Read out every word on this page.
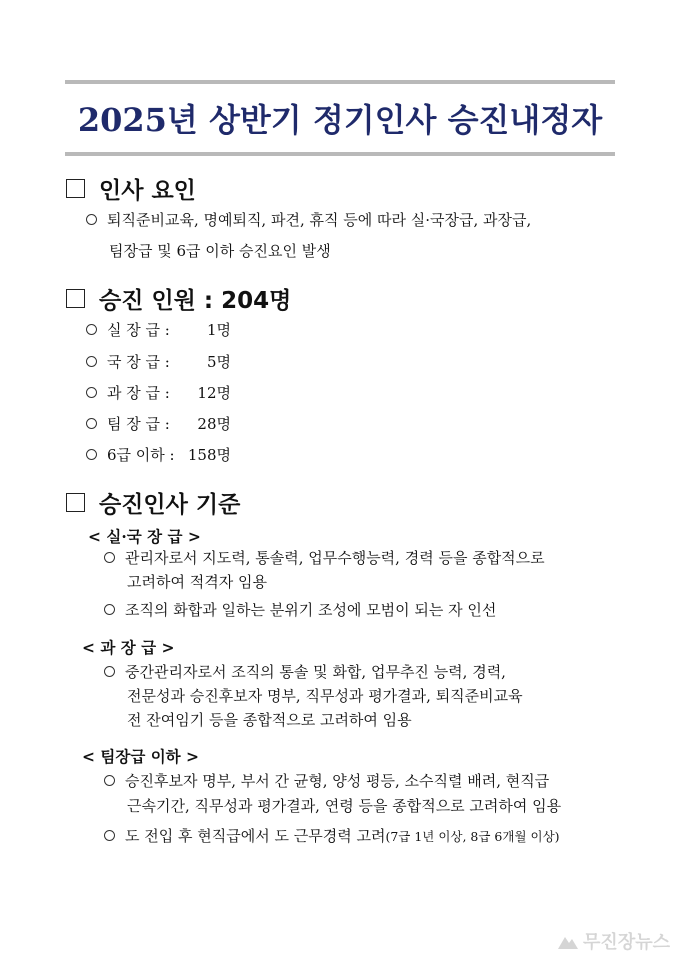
2025년 상반기 정기인사 승진내정자
인사 요인
퇴직준비교육, 명예퇴직, 파견, 휴직 등에 따라 실·국장급, 과장급,
팀장급 및 6급 이하 승진요인 발생
승진 인원 : 204명
실 장 급 : 1명
국 장 급 : 5명
과 장 급 : 12명
팀 장 급 : 28명
6급 이하 : 158명
승진인사 기준
< 실·국 장 급 >
관리자로서 지도력, 통솔력, 업무수행능력, 경력 등을 종합적으로
고려하여 적격자 임용
조직의 화합과 일하는 분위기 조성에 모범이 되는 자 인선
< 과 장 급 >
중간관리자로서 조직의 통솔 및 화합, 업무추진 능력, 경력,
전문성과 승진후보자 명부, 직무성과 평가결과, 퇴직준비교육
전 잔여임기 등을 종합적으로 고려하여 임용
< 팀장급 이하 >
승진후보자 명부, 부서 간 균형, 양성 평등, 소수직렬 배려, 현직급
근속기간, 직무성과 평가결과, 연령 등을 종합적으로 고려하여 임용
도 전입 후 현직급에서 도 근무경력 고려(7급 1년 이상, 8급 6개월 이상)
무진장뉴스
